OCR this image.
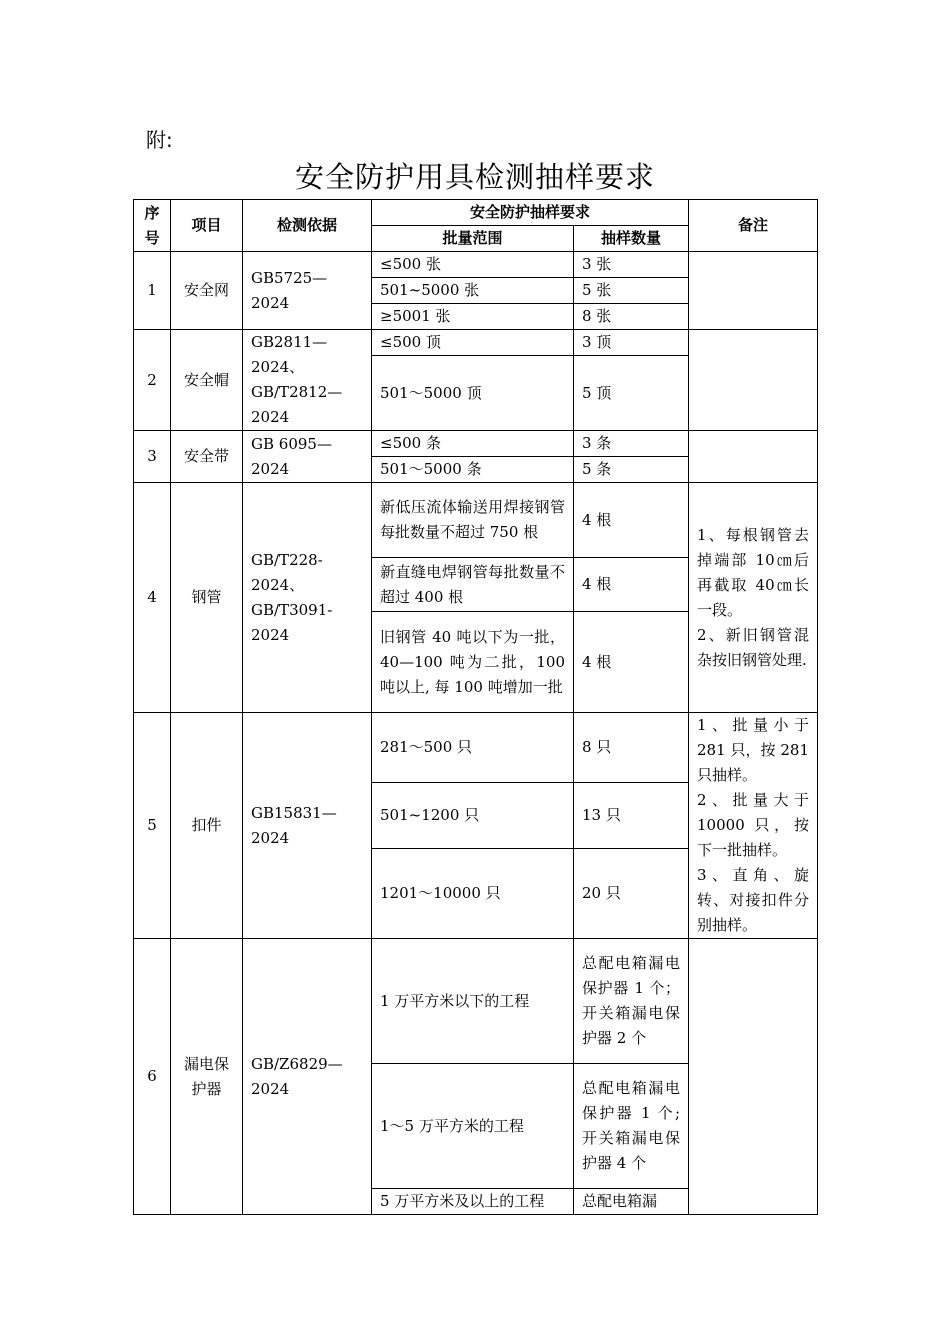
附:
安全防护用具检测抽样要求
序号	项目	检测依据	安全防护抽样要求		备注
			批量范围	抽样数量	
1	安全网	GB5725—2024	≤500 张	3 张	
			501~5000 张	5 张	
			≥5001 张	8 张	
2	安全帽	GB2811—2024、GB/T2812—2024	≤500 顶	3 顶	
			501～5000 顶	5 顶	
3	安全带	GB 6095—2024	≤500 条	3 条	
			501～5000 条	5 条	
4	钢管	GB/T228-2024、GB/T3091-2024	新低压流体输送用焊接钢管每批数量不超过 750 根	4 根	1、每根钢管去掉端部 10㎝后再截取 40㎝长一段。

2、新旧钢管混杂按旧钢管处理.

			新直缝电焊钢管每批数量不超过 400 根	4 根	
			旧钢管 40 吨以下为一批，40—100 吨为二批，100 吨以上, 每 100 吨增加一批	4 根	
5	扣件	GB15831—2024	281～500 只	8 只	1、批量小于 281 只，按 281 只抽样。

2、批量大于 10000 只，按下一批抽样。

3、直角、旋转、对接扣件分别抽样。

			501~1200 只	13 只	
			1201～10000 只	20 只	
6	漏电保护器	GB/Z6829—2024	1 万平方米以下的工程	总配电箱漏电保护器 1 个；开关箱漏电保护器 2 个	
			1～5 万平方米的工程	总配电箱漏电保护器 1 个;开关箱漏电保护器 4 个	
			5 万平方米及以上的工程	总配电箱漏	
